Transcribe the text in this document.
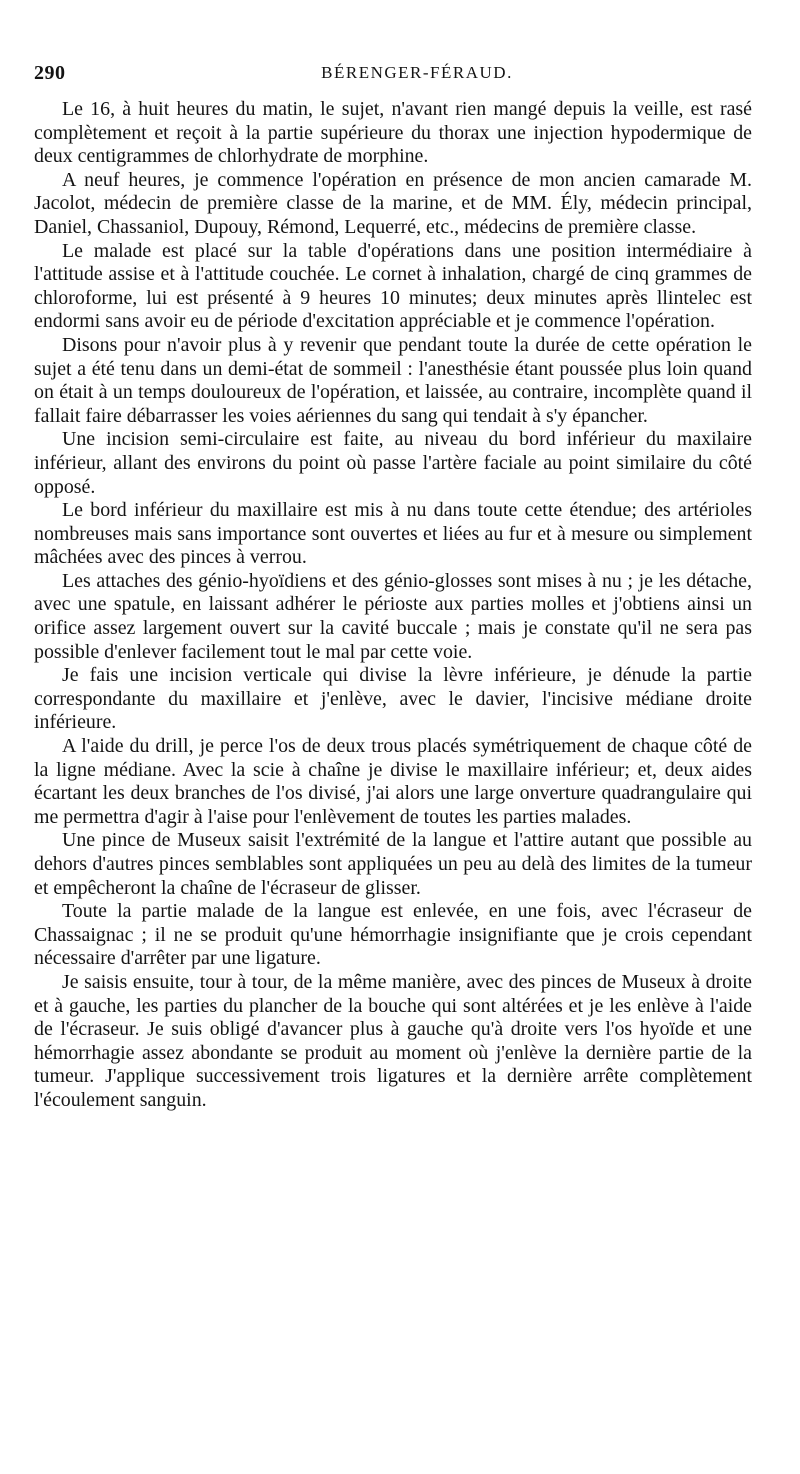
290	BÉRENGER-FÉRAUD.

Le 16, à huit heures du matin, le sujet, n'avant rien mangé depuis la veille, est rasé complètement et reçoit à la partie supérieure du thorax une injection hypodermique de deux centigrammes de chlorhydrate de morphine.

A neuf heures, je commence l'opération en présence de mon ancien camarade M. Jacolot, médecin de première classe de la marine, et de MM. Ély, médecin principal, Daniel, Chassaniol, Dupouy, Rémond, Lequerré, etc., médecins de première classe.

Le malade est placé sur la table d'opérations dans une position intermédiaire à l'attitude assise et à l'attitude couchée. Le cornet à inhalation, chargé de cinq grammes de chloroforme, lui est présenté à 9 heures 10 minutes; deux minutes après llintelec est endormi sans avoir eu de période d'excitation appréciable et je commence l'opération.

Disons pour n'avoir plus à y revenir que pendant toute la durée de cette opération le sujet a été tenu dans un demi-état de sommeil : l'anesthésie étant poussée plus loin quand on était à un temps douloureux de l'opération, et laissée, au contraire, incomplète quand il fallait faire débarrasser les voies aériennes du sang qui tendait à s'y épancher.

Une incision semi-circulaire est faite, au niveau du bord inférieur du maxilaire inférieur, allant des environs du point où passe l'artère faciale au point similaire du côté opposé.

Le bord inférieur du maxillaire est mis à nu dans toute cette étendue; des artérioles nombreuses mais sans importance sont ouvertes et liées au fur et à mesure ou simplement mâchées avec des pinces à verrou.

Les attaches des génio-hyoïdiens et des génio-glosses sont mises à nu ; je les détache, avec une spatule, en laissant adhérer le périoste aux parties molles et j'obtiens ainsi un orifice assez largement ouvert sur la cavité buccale ; mais je constate qu'il ne sera pas possible d'enlever facilement tout le mal par cette voie.

Je fais une incision verticale qui divise la lèvre inférieure, je dénude la partie correspondante du maxillaire et j'enlève, avec le davier, l'incisive médiane droite inférieure.

A l'aide du drill, je perce l'os de deux trous placés symétriquement de chaque côté de la ligne médiane. Avec la scie à chaîne je divise le maxillaire inférieur; et, deux aides écartant les deux branches de l'os divisé, j'ai alors une large onverture quadrangulaire qui me permettra d'agir à l'aise pour l'enlèvement de toutes les parties malades.

Une pince de Museux saisit l'extrémité de la langue et l'attire autant que possible au dehors d'autres pinces semblables sont appliquées un peu au delà des limites de la tumeur et empêcheront la chaîne de l'écraseur de glisser.

Toute la partie malade de la langue est enlevée, en une fois, avec l'écraseur de Chassaignac ; il ne se produit qu'une hémorrhagie insignifiante que je crois cependant nécessaire d'arrêter par une ligature.

Je saisis ensuite, tour à tour, de la même manière, avec des pinces de Museux à droite et à gauche, les parties du plancher de la bouche qui sont altérées et je les enlève à l'aide de l'écraseur. Je suis obligé d'avancer plus à gauche qu'à droite vers l'os hyoïde et une hémorrhagie assez abondante se produit au moment où j'enlève la dernière partie de la tumeur. J'applique successivement trois ligatures et la dernière arrête complètement l'écoulement sanguin.
